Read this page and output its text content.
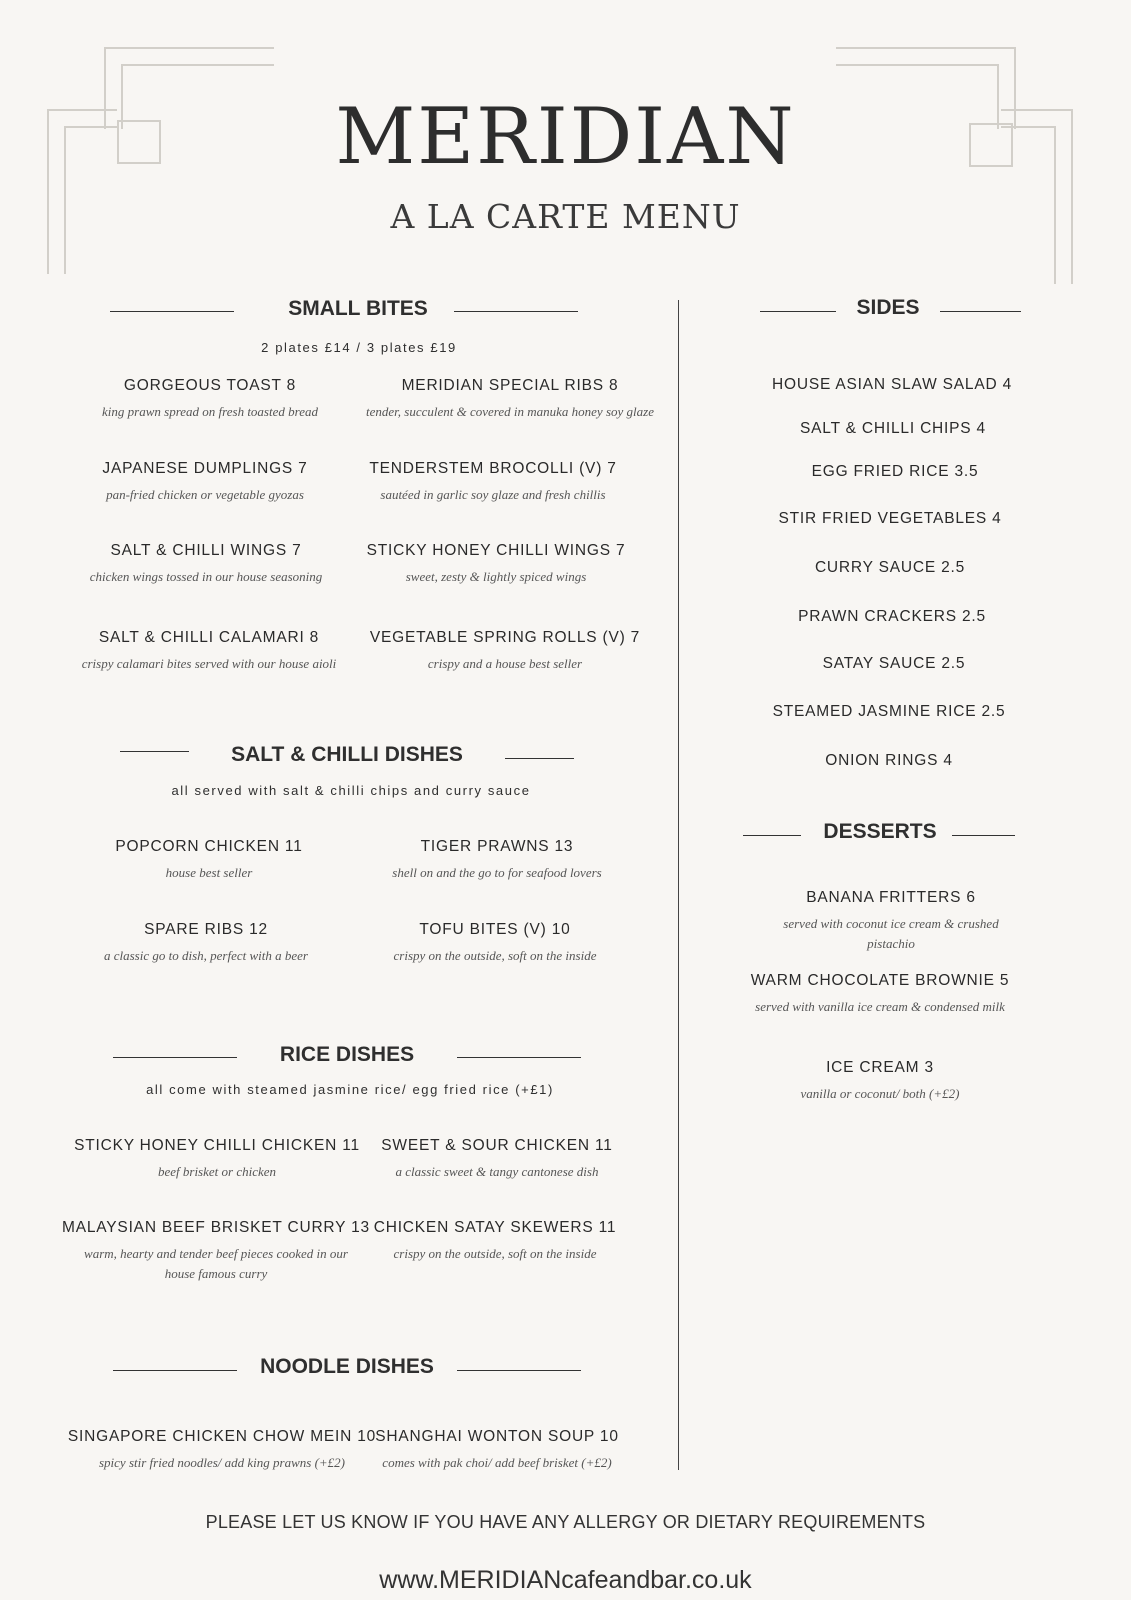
MERIDIAN
A LA CARTE MENU
SMALL BITES
2 plates £14 / 3 plates £19
GORGEOUS TOAST 8
king prawn spread on fresh toasted bread
MERIDIAN SPECIAL RIBS 8
tender, succulent & covered in manuka honey soy glaze
JAPANESE DUMPLINGS 7
pan-fried chicken or vegetable gyozas
TENDERSTEM BROCOLLI (V) 7
sautéed in garlic soy glaze and fresh chillis
SALT & CHILLI WINGS 7
chicken wings tossed in our house seasoning
STICKY HONEY CHILLI WINGS 7
sweet, zesty & lightly spiced wings
SALT & CHILLI CALAMARI 8
crispy calamari bites served with our house aioli
VEGETABLE SPRING ROLLS (V) 7
crispy and a house best seller
SALT & CHILLI DISHES
all served with salt & chilli chips and curry sauce
POPCORN CHICKEN 11
house best seller
TIGER PRAWNS 13
shell on and the go to for seafood lovers
SPARE RIBS 12
a classic go to dish, perfect with a beer
TOFU BITES (V) 10
crispy on the outside, soft on the inside
RICE DISHES
all come with steamed jasmine rice/ egg fried rice (+£1)
STICKY HONEY CHILLI CHICKEN 11
beef brisket or chicken
SWEET & SOUR CHICKEN 11
a classic sweet & tangy cantonese dish
MALAYSIAN BEEF BRISKET CURRY 13
warm, hearty and tender beef pieces cooked in our
house famous curry
CHICKEN SATAY SKEWERS 11
crispy on the outside, soft on the inside
NOODLE DISHES
SINGAPORE CHICKEN CHOW MEIN 10
spicy stir fried noodles/ add king prawns (+£2)
SHANGHAI WONTON SOUP 10
comes with pak choi/ add beef brisket (+£2)
SIDES
HOUSE ASIAN SLAW SALAD 4
SALT & CHILLI CHIPS 4
EGG FRIED RICE 3.5
STIR FRIED VEGETABLES 4
CURRY SAUCE 2.5
PRAWN CRACKERS 2.5
SATAY SAUCE 2.5
STEAMED JASMINE RICE 2.5
ONION RINGS 4
DESSERTS
BANANA FRITTERS 6
served with coconut ice cream & crushed pistachio
WARM CHOCOLATE BROWNIE 5
served with vanilla ice cream & condensed milk
ICE CREAM 3
vanilla or coconut/ both (+£2)
PLEASE LET US KNOW IF YOU HAVE ANY ALLERGY OR DIETARY REQUIREMENTS
www.MERIDIANcafeandbar.co.uk
